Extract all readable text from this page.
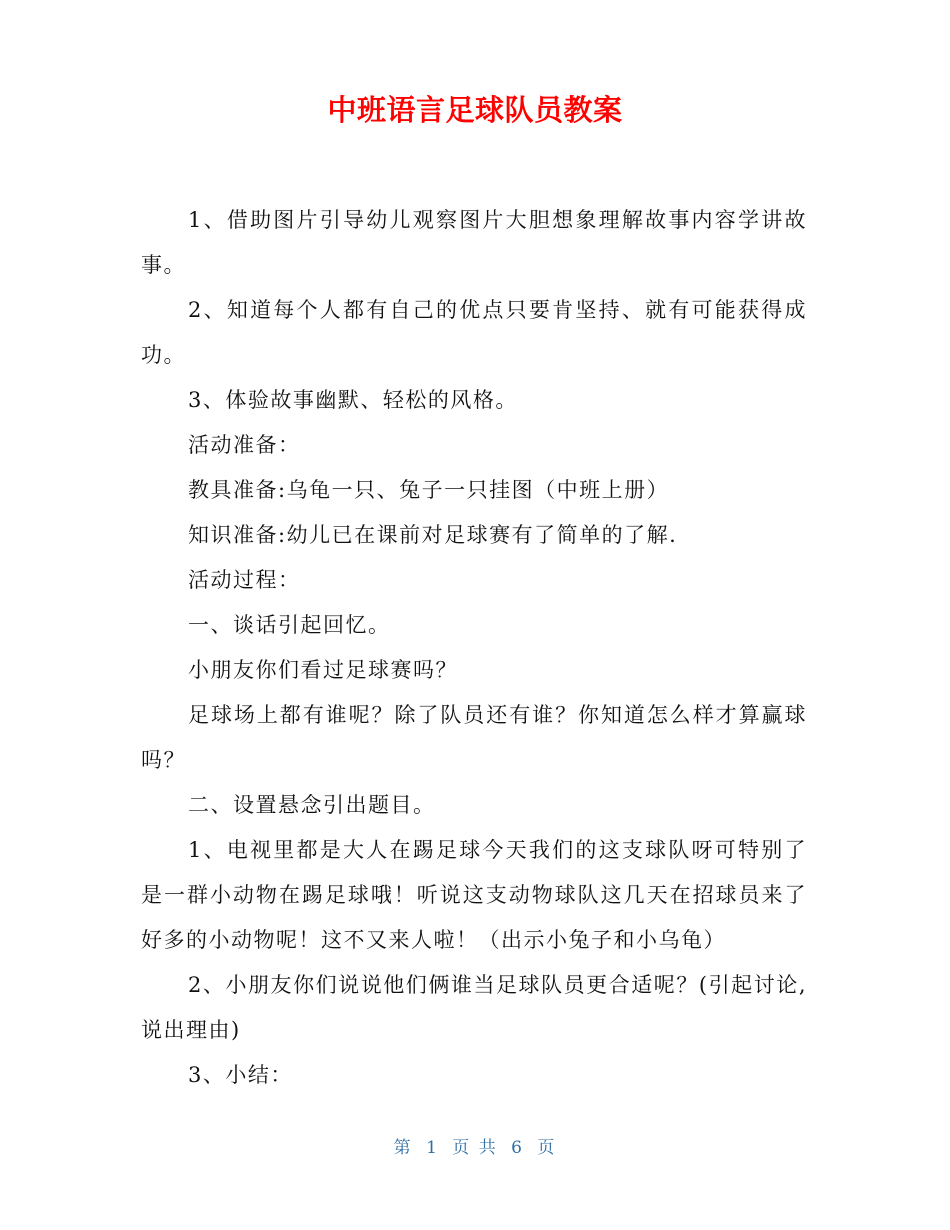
中班语言足球队员教案

1、借助图片引导幼儿观察图片大胆想象理解故事内容学讲故事。

2、知道每个人都有自己的优点只要肯坚持、就有可能获得成功。

3、体验故事幽默、轻松的风格。

活动准备：

教具准备:乌龟一只、兔子一只挂图（中班上册）

知识准备:幼儿已在课前对足球赛有了简单的了解.

活动过程：

一、谈话引起回忆。

小朋友你们看过足球赛吗？

足球场上都有谁呢？除了队员还有谁？你知道怎么样才算赢球吗？

二、设置悬念引出题目。

1、电视里都是大人在踢足球今天我们的这支球队呀可特别了是一群小动物在踢足球哦！听说这支动物球队这几天在招球员来了好多的小动物呢！这不又来人啦！（出示小兔子和小乌龟）

2、小朋友你们说说他们俩谁当足球队员更合适呢？(引起讨论,说出理由)

3、小结：

第 1 页 共 6 页
